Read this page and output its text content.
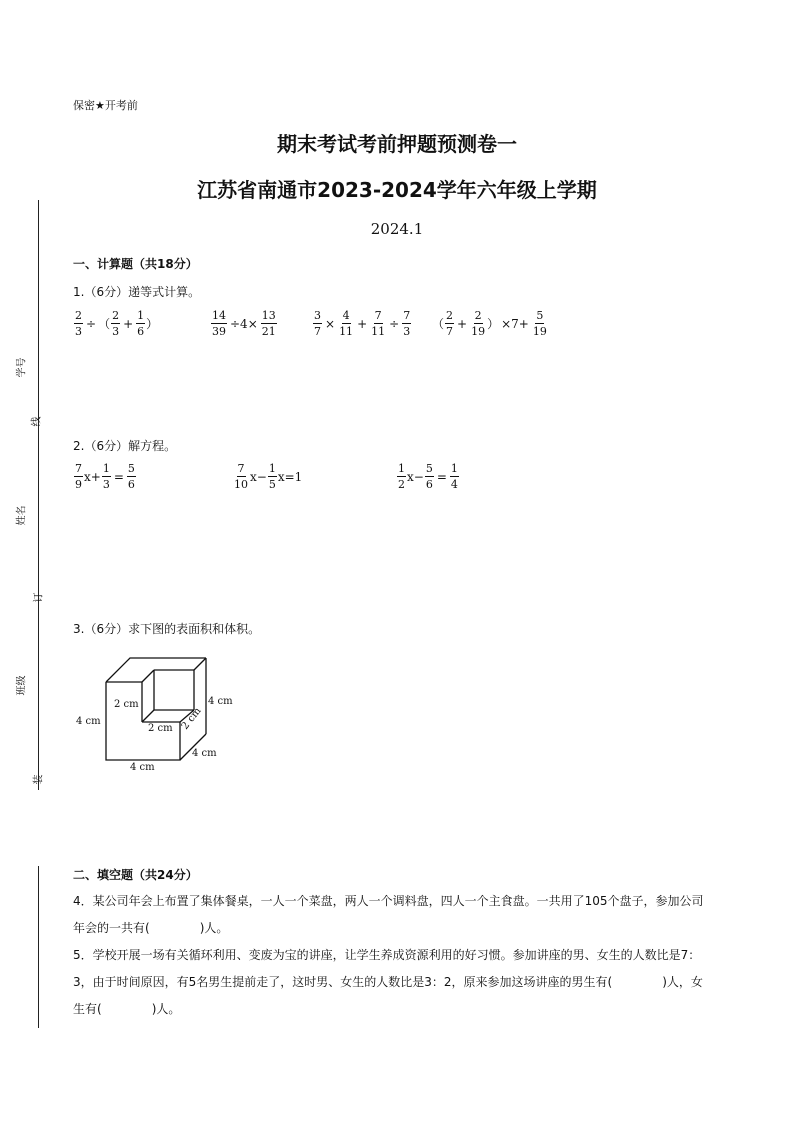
学号
线
姓名
订
班级
装
保密★开考前
期末考试考前押题预测卷一
江苏省南通市2023-2024学年六年级上学期
2024.1
一、计算题（共18分）
1.（6分）递等式计算。
$\frac{2}{3}$ ÷ （
2
3
+ $\frac{1}{6}$ ）	$\frac{14}{39} \div 4\times \frac{13}{21}$	$\frac{3}{7} \times \frac{4}{11} + \frac{7}{11} \div \frac{7}{3}$ （
2
7
+ $\frac{2}{19}$ ） $\times 7+ \frac{5}{19}$
2.（6分）解方程。
7
9
$x+ \frac{1}{3} = \frac{5}{6}$	7
10
$x- \frac{1}{5} x=1$
1
2
$x- \frac{5}{6} = \frac{1}{4}$
3.（6分）求下图的表面积和体积。
2 cm
2 cm 2 cm
4 cm
4 cm
4 cm
4 cm
二、填空题（共24分）
4．某公司年会上布置了集体餐桌，一人一个菜盘，两人一个调料盘，四人一个主食盘。一共用了105个盘子，参加公司年会的一共有(	)人。
5．学校开展一场有关循环利用、变废为宝的讲座，让学生养成资源利用的好习惯。参加讲座的男、女生的人数比是7：3，由于时间原因，有5名男生提前走了，这时男、女生的人数比是3：2，原来参加这场讲座的男生有(	)人，女生有(	)人。
